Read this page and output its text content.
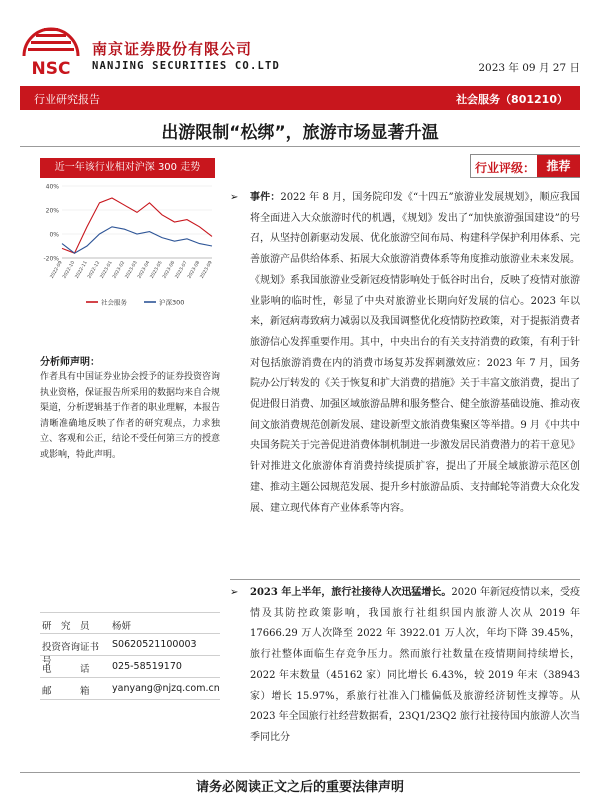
NSC
南京证券股份有限公司
NANJING SECURITIES CO.LTD	2023 年 09 月 27 日
行业研究报告	社会服务（801210）
出游限制“松绑”，旅游市场显著升温
近一年该行业相对沪深 300 走势
-20%
0%
20%
40%
2022-09
2022-10
2022-11
2022-12
2023-01
2023-02
2023-03
2023-04
2023-05
2023-06
2023-07
2023-08
2023-09
社会服务	沪深300
分析师声明：
作者具有中国证券业协会授予的证券投资咨询执业资格，保证报告所采用的数据均来自合规渠道，分析逻辑基于作者的职业理解，本报告清晰准确地反映了作者的研究观点，力求独立、客观和公正，结论不受任何第三方的授意或影响，特此声明。
研　究　员	杨妍
投资咨询证书号
S0620521100003
电　　　话	025-58519170
邮　　　箱	yanyang@njzq.com.cn
行业评级： 推荐
➢ 事件：2022 年 8 月，国务院印发《“十四五”旅游业发展规划》，顺应我国将全面进入大众旅游时代的机遇，《规划》发出了“加快旅游强国建设”的号召，从坚持创新驱动发展、优化旅游空间布局、构建科学保护利用体系、完善旅游产品供给体系、拓展大众旅游消费体系等角度推动旅游业未来发展。《规划》系我国旅游业受新冠疫情影响处于低谷时出台，反映了疫情对旅游业影响的临时性，彰显了中央对旅游业长期向好发展的信心。2023 年以来，新冠病毒致病力减弱以及我国调整优化疫情防控政策，对于提振消费者旅游信心发挥重要作用。其中，中央出台的有关支持消费的政策，有利于针对包括旅游消费在内的消费市场复苏发挥刺激效应：2023 年 7 月，国务院办公厅转发的《关于恢复和扩大消费的措施》关于丰富文旅消费，提出了促进假日消费、加强区域旅游品牌和服务整合、健全旅游基础设施、推动夜间文旅消费规范创新发展、建设新型文旅消费集聚区等举措。9 月《中共中央国务院关于完善促进消费体制机制进一步激发居民消费潜力的若干意见》针对推进文化旅游体育消费持续提质扩容，提出了开展全域旅游示范区创建、推动主题公园规范发展、提升乡村旅游品质、支持邮轮等消费大众化发展、建立现代体育产业体系等内容。
➢ 2023 年上半年，旅行社接待人次迅猛增长。2020 年新冠疫情以来，受疫情及其防控政策影响，我国旅行社组织国内旅游人次从 2019 年 17666.29 万人次降至 2022 年 3922.01 万人次，年均下降 39.45%，旅行社整体面临生存竞争压力。然而旅行社数量在疫情期间持续增长，2022 年末数量（45162 家）同比增长 6.43%，较 2019 年末（38943 家）增长 15.97%，系旅行社准入门槛偏低及旅游经济韧性支撑等。从 2023 年全国旅行社经营数据看，23Q1/23Q2 旅行社接待国内旅游人次当季同比分
请务必阅读正文之后的重要法律声明
